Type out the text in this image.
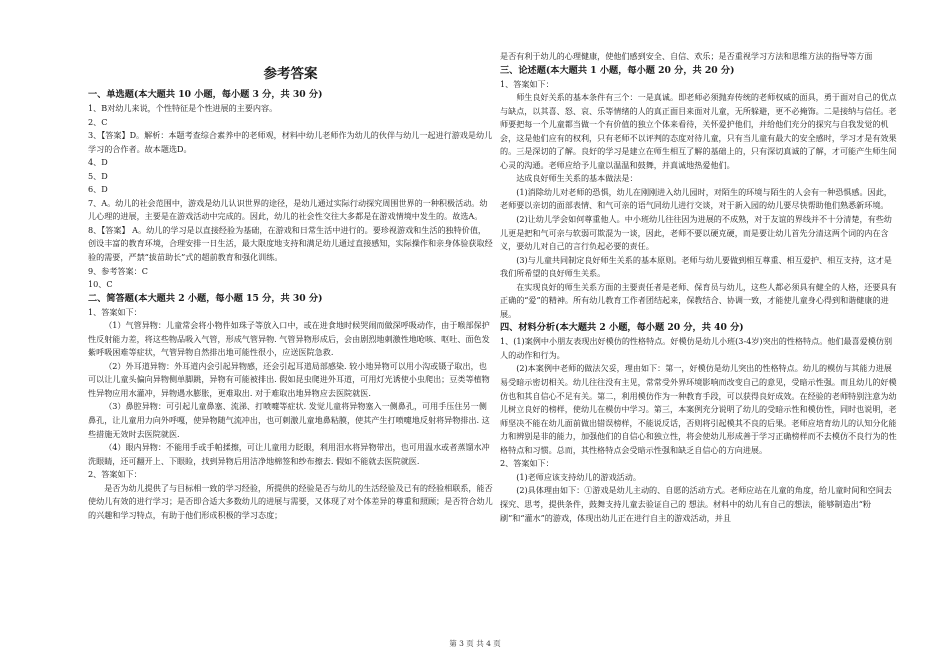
参考答案
一、单选题(本大题共 10 小题，每小题 3 分，共 30 分)

1、B对幼儿来说，个性特征是个性进展的主要内容。

2、C

3、【答案】D。解析：本题考查综合素养中的老师观，材料中幼儿老师作为幼儿的伙伴与幼儿一起进行游戏是幼儿学习的合作者。故本题选D。

4、D

5、D

6、D

7、A。幼儿的社会范围中，游戏是幼儿认识世界的途径，是幼儿通过实际行动探究周围世界的一种积极活动。幼儿心理的进展，主要是在游戏活动中完成的。因此，幼儿的社会性交往大多都是在游戏情境中发生的。故选A。

8、【答案】 A。幼儿的学习是以直接经验为基础，在游戏和日常生活中进行的。要珍视游戏和生活的独特价值，创设丰富的教育环境，合理安排一日生活，最大限度地支持和满足幼儿通过直接感知，实际操作和亲身体验获取经验的需要，严禁“拔苗助长”式的超前教育和强化训练。

9、参考答案：C

10、C

二、简答题(本大题共 2 小题，每小题 15 分，共 30 分)

1、答案如下：

（1）气管异物：儿童常会将小物件如珠子等放入口中，或在进食地时候哭闹而做深呼吸动作，由于喉部保护性反射能力差，将这些物品吸入气管，形成气管异物. 气管异物形成后，会由剧烈地刺激性地呛咳、呕吐、面色发紫呼吸困难等症状，气管异物自然排出地可能性很小，应送医院急救.

（2）外耳道异物：外耳道内会引起异物感，还会引起耳道局部感染. 较小地异物可以用小沟或镊子取出，也可以让儿童头偏向异物侧单脚跳，异物有可能被排出. 假如昆虫爬进外耳道，可用灯光诱使小虫爬出；豆类等植物性异物应用水灌冲，异物遇水膨胀，更难取出. 对于难取出地异物应去医院就医.

（3）鼻腔异物：可引起儿童鼻塞、流涕、打喷嚏等症状. 发觉儿童将异物塞入一侧鼻孔，可用手压住另一侧鼻孔，让儿童用力向外呼嘎，使异物随气流冲出，也可刺激儿童地鼻粘膜，使其产生打喷嚏地反射将异物排出. 这些措施无效时去医院就医.

（4）眼内异物：不能用手或手帕揉擦，可让儿童用力眨眼，利用泪水将异物带出，也可用温水或者蒸馏水冲洗眼睛，还可翻开上、下眼睑，找到异物后用洁净地棉签和纱布擦去. 假如不能就去医院就医.

2、答案如下：

是否为幼儿提供了与目标相一致的学习经验，所提供的经验是否与幼儿的生活经验及已有的经验相联系，能否使幼儿有效的进行学习；是否即合适大多数幼儿的进展与需要，又体现了对个体差异的尊重和照顾；是否符合幼儿的兴趣和学习特点，有助于他们形成积极的学习态度；

是否有利于幼儿的心理健康，使他们感到安全、自信、欢乐；是否重视学习方法和思维方法的指导等方面

三、论述题(本大题共 1 小题，每小题 20 分，共 20 分)

1、答案如下：

师生良好关系的基本条件有三个：一是真诚。即老师必须抛弃传统的老师权威的面具，勇于面对自己的优点与缺点，以其喜、怒、哀、乐等情绪的人的真正面目来面对儿童，无所躲避，更不必掩饰。二是接纳与信任。老师要把每一个儿童都当做一个有价值的独立个体来看待，关怀爱护他们，并给他们充分的探究与自我发觉的机会，这是他们应有的权利，只有老师不以评判的态度对待儿童，只有当儿童有最大的安全感时，学习才是有效果的。三是深切的了解。良好的学习是建立在师生相互了解的基础上的，只有深切真诚的了解，才可能产生师生间心灵的沟通。老师应给予儿童以温温和鼓舞，并真诚地热爱他们。

达成良好师生关系的基本做法是：

(1)消除幼儿对老师的恐惧，幼儿在刚刚进入幼儿园时，对陌生的环境与陌生的人会有一种恐惧感。因此，老师要以亲切的面部表情、和气可亲的语气同幼儿进行交谈，对于新入园的幼儿要尽快帮助他们熟悉新环境。

(2)让幼儿学会如何尊重他人。中小班幼儿往往因为进展的不成熟，对于友谊的界线并不十分清楚，有些幼儿更是把和气可亲与软弱可欺混为一谈，因此，老师不要以硬克硬，而是要让幼儿首先分清这两个词的内在含义，要幼儿对自己的言行负起必要的责任。

(3)与儿童共同制定良好师生关系的基本原则。老师与幼儿要做到相互尊重、相互爱护、相互支持，这才是我们所希望的良好师生关系。

在实现良好的师生关系方面的主要责任者是老师、保育员与幼儿，这些人都必须具有健全的人格，还要具有正确的“爱”的精神。所有幼儿教育工作者团结起来，保教结合、协调一致，才能使儿童身心得到和谐健康的进展。

四、材料分析(本大题共 2 小题，每小题 20 分，共 40 分)

1、(1)案例中小朋友表现出好模仿的性格特点。好模仿是幼儿小班(3-4岁)突出的性格特点。他们最喜爱模仿别人的动作和行为。

(2)本案例中老师的做法欠妥，理由如下：第一，好模仿是幼儿突出的性格特点。幼儿的模仿与其能力进展易受暗示密切相关。幼儿往往没有主见，常常受外界环境影响而改变自己的意见，受暗示性强。而且幼儿的好模仿也和其自信心不足有关。第二，利用模仿作为一种教育手段，可以获得良好成效。在经验的老师特别注意为幼儿树立良好的榜样，使幼儿在模仿中学习。第三，本案例充分说明了幼儿的受暗示性和模仿性，同时也说明，老师坚决不能在幼儿面前做出错误榜样，不能说反话，否则将引起模其不良的后果。老师应培育幼儿的认知分化能力和辨别是非的能力，加强他们的自信心和独立性，将会使幼儿形成善于学习正确榜样而不去模仿不良行为的性格特点和习惯。总而，其性格特点会受暗示性强和缺乏自信心的方向进展。

2、答案如下：

(1)老师应该支持幼儿的游戏活动。

(2)具体理由如下：①游戏是幼儿主动的、自愿的活动方式。老师应站在儿童的角度，给儿童时间和空间去探究、思考，提供条件，鼓舞支持儿童去验证自己的 想法。材料中的幼儿有自己的想法，能够制造出“粉刷”和“灌水”的游戏，体现出幼儿正在进行自主的游戏活动，并且

第 3 页 共 4 页
